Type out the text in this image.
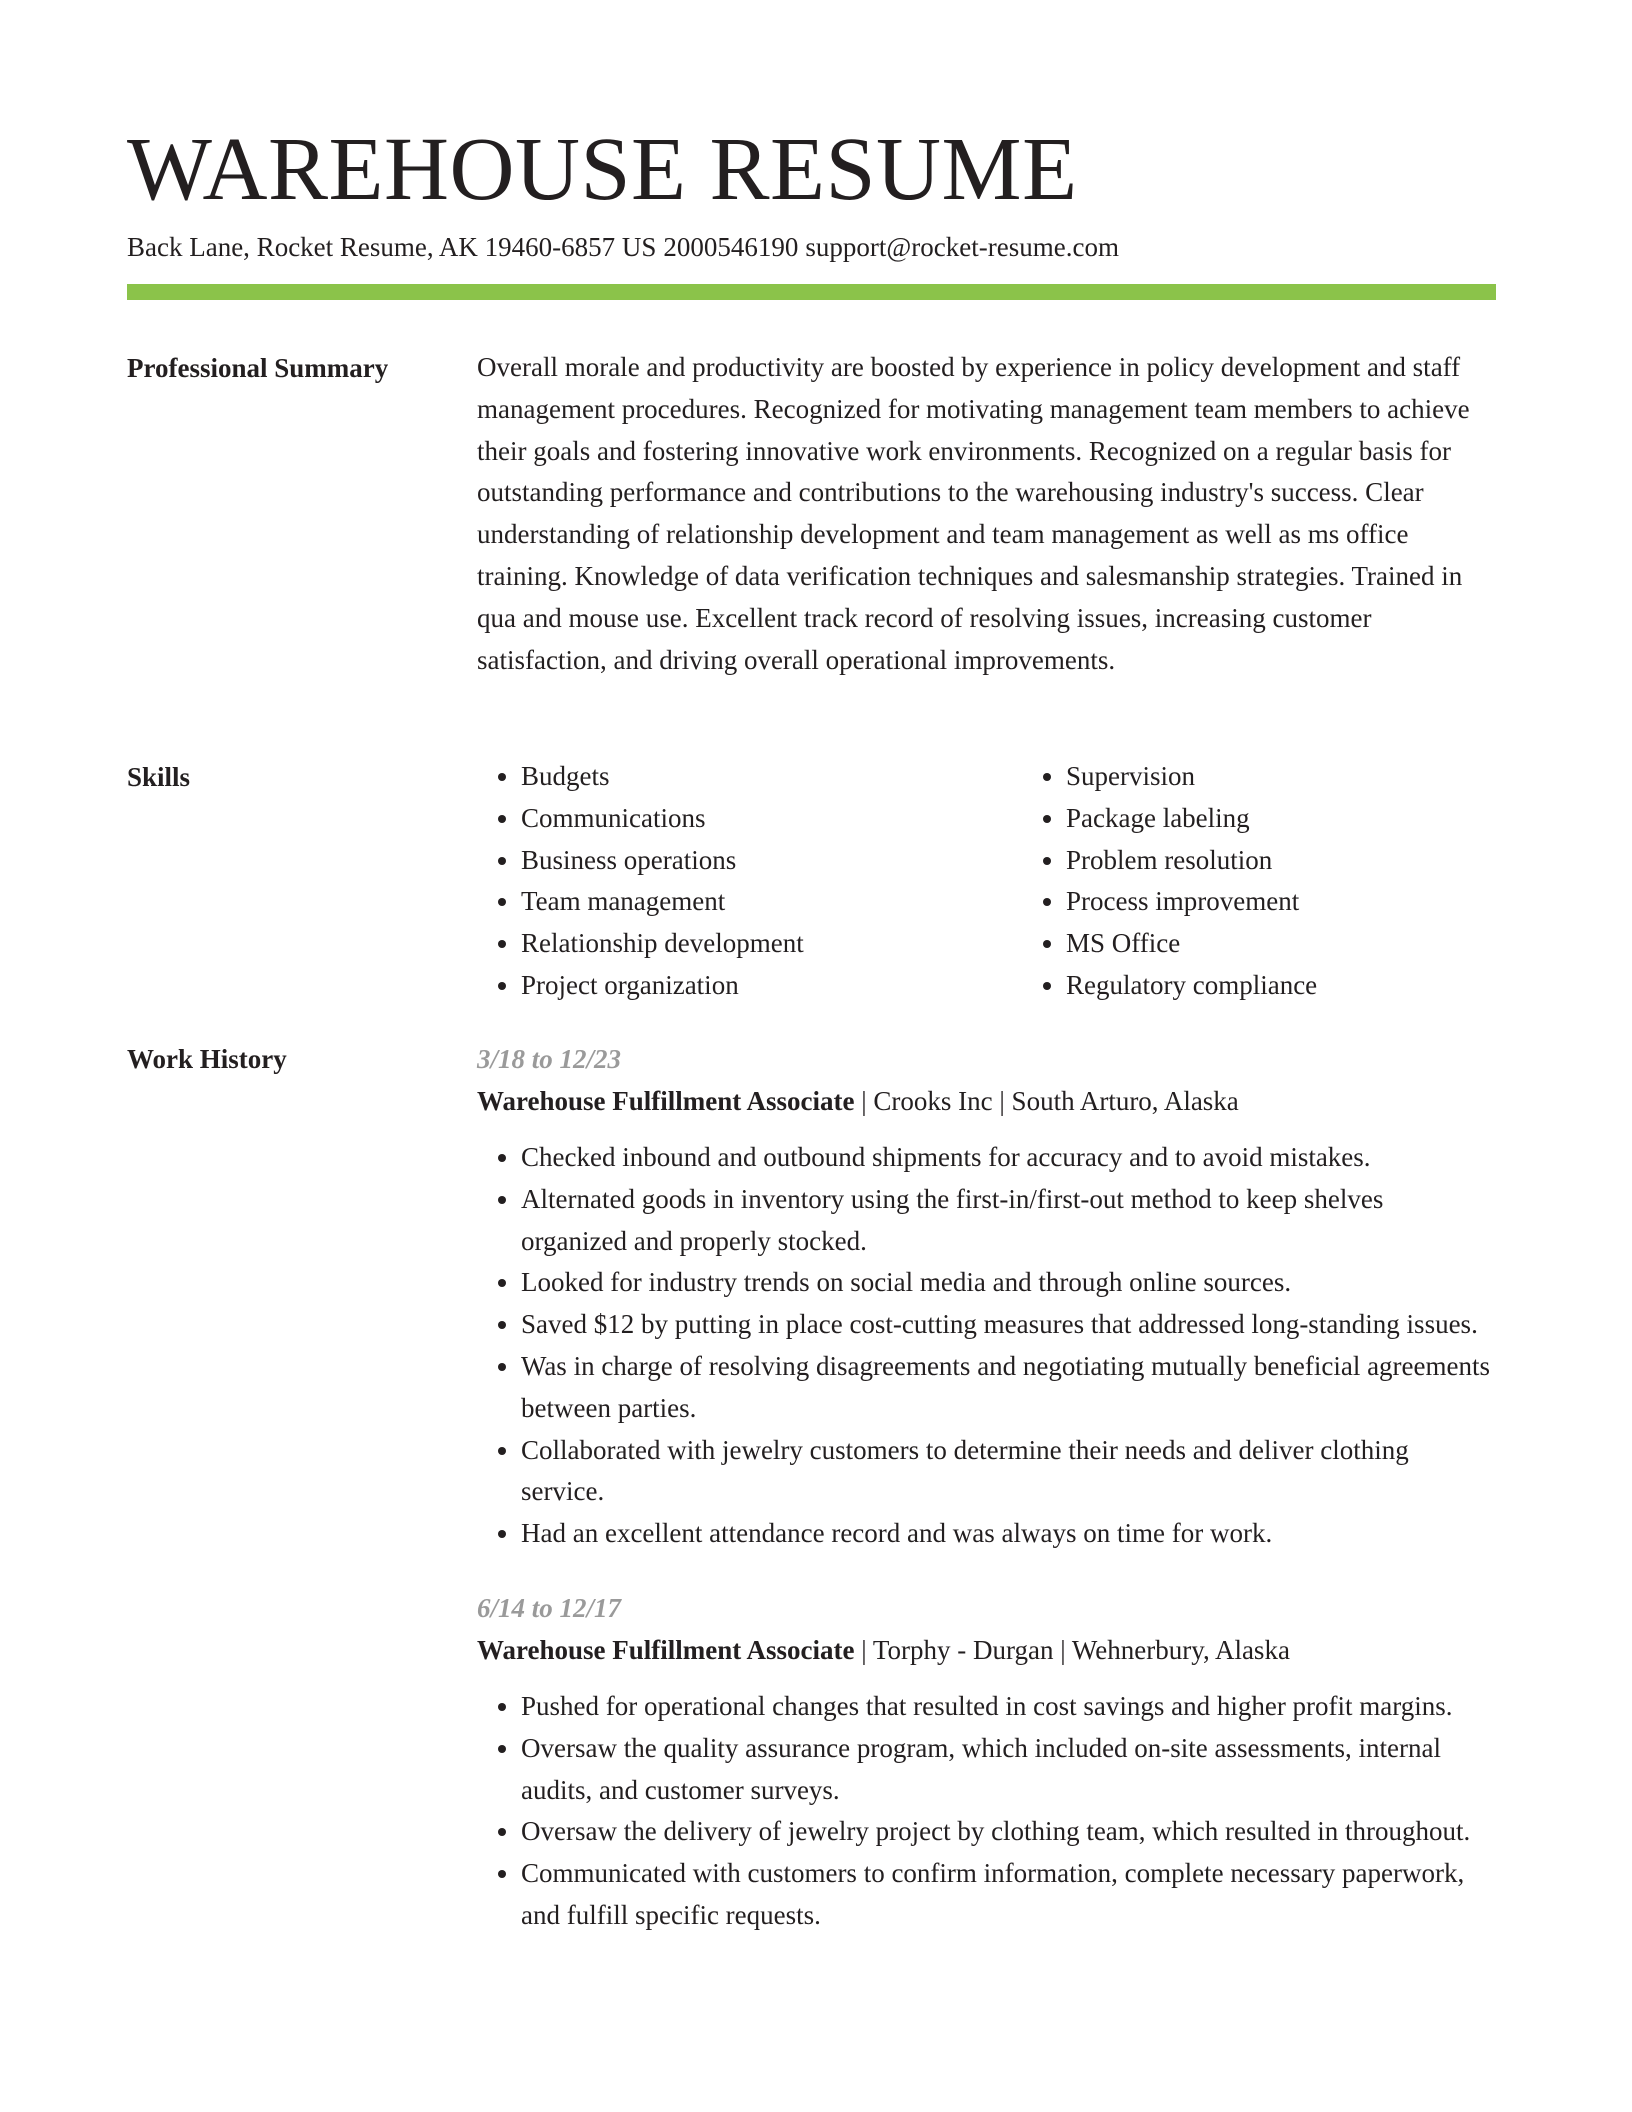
WAREHOUSE RESUME
Back Lane, Rocket Resume, AK 19460-6857 US 2000546190 support@rocket-resume.com
Professional Summary	Overall morale and productivity are boosted by experience in policy development and staff management procedures. Recognized for motivating management team members to achieve their goals and fostering innovative work environments. Recognized on a regular basis for outstanding performance and contributions to the warehousing industry's success. Clear understanding of relationship development and team management as well as ms office training. Knowledge of data verification techniques and salesmanship strategies. Trained in qua and mouse use. Excellent track record of resolving issues, increasing customer satisfaction, and driving overall operational improvements.

Skills
•	Budgets
• Communications
• Business operations
• Team management
• Relationship development
• Project organization
• Supervision
• Package labeling
• Problem resolution
• Process improvement
• MS Office
• Regulatory compliance
Work History	3/18 to 12/23
Warehouse Fulfillment Associate | Crooks Inc | South Arturo, Alaska
• Checked inbound and outbound shipments for accuracy and to avoid mistakes.
• Alternated goods in inventory using the first-in/first-out method to keep shelves organized and properly stocked.
• Looked for industry trends on social media and through online sources.
• Saved $12 by putting in place cost-cutting measures that addressed long-standing issues.
• Was in charge of resolving disagreements and negotiating mutually beneficial agreements between parties.
• Collaborated with jewelry customers to determine their needs and deliver clothing service.
• Had an excellent attendance record and was always on time for work.
6/14 to 12/17
Warehouse Fulfillment Associate | Torphy - Durgan | Wehnerbury, Alaska
• Pushed for operational changes that resulted in cost savings and higher profit margins.
• Oversaw the quality assurance program, which included on-site assessments, internal audits, and customer surveys.
• Oversaw the delivery of jewelry project by clothing team, which resulted in throughout.
• Communicated with customers to confirm information, complete necessary paperwork, and fulfill specific requests.
